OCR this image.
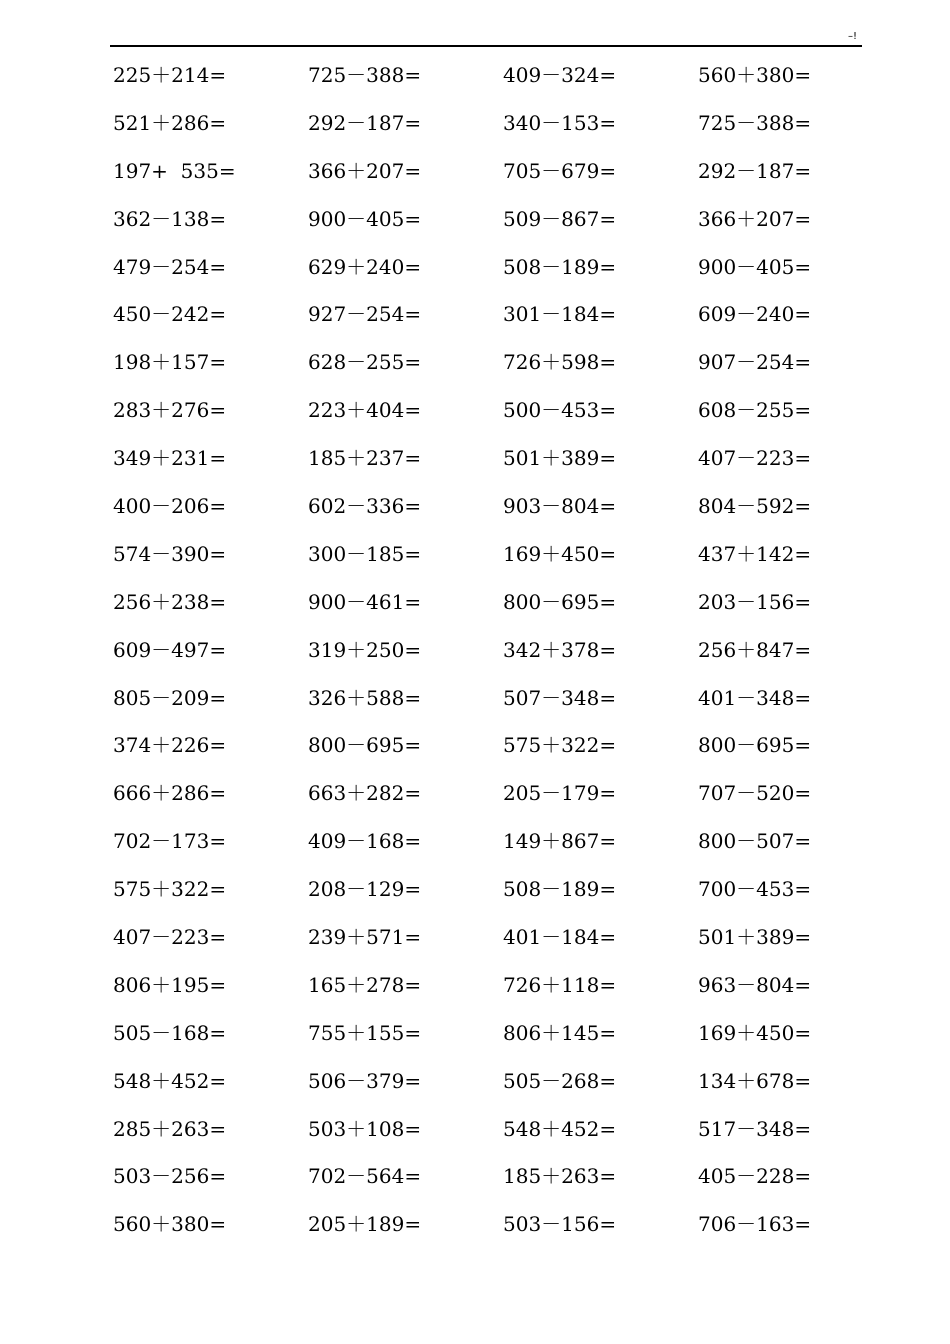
–!
225＋214=	725－388=	409－324=	560＋380=
521＋286=	292－187=	340－153=	725－388=
197+  535=	366＋207=	705－679=	292－187=
362－138=	900－405=	509－867=	366＋207=
479－254=	629＋240=	508－189=	900－405=
450－242=	927－254=	301－184=	609－240=
198＋157=	628－255=	726＋598=	907－254=
283＋276=	223＋404=	500－453=	608－255=
349＋231=	185＋237=	501＋389=	407－223=
400－206=	602－336=	903－804=	804－592=
574－390=	300－185=	169＋450=	437＋142=
256＋238=	900－461=	800－695=	203－156=
609－497=	319＋250=	342＋378=	256＋847=
805－209=	326＋588=	507－348=	401－348=
374＋226=	800－695=	575＋322=	800－695=
666＋286=	663＋282=	205－179=	707－520=
702－173=	409－168=	149＋867=	800－507=
575＋322=	208－129=	508－189=	700－453=
407－223=	239＋571=	401－184=	501＋389=
806＋195=	165＋278=	726＋118=	963－804=
505－168=	755＋155=	806＋145=	169＋450=
548＋452=	506－379=	505－268=	134＋678=
285＋263=	503＋108=	548＋452=	517－348=
503－256=	702－564=	185＋263=	405－228=
560＋380=	205＋189=	503－156=	706－163=
